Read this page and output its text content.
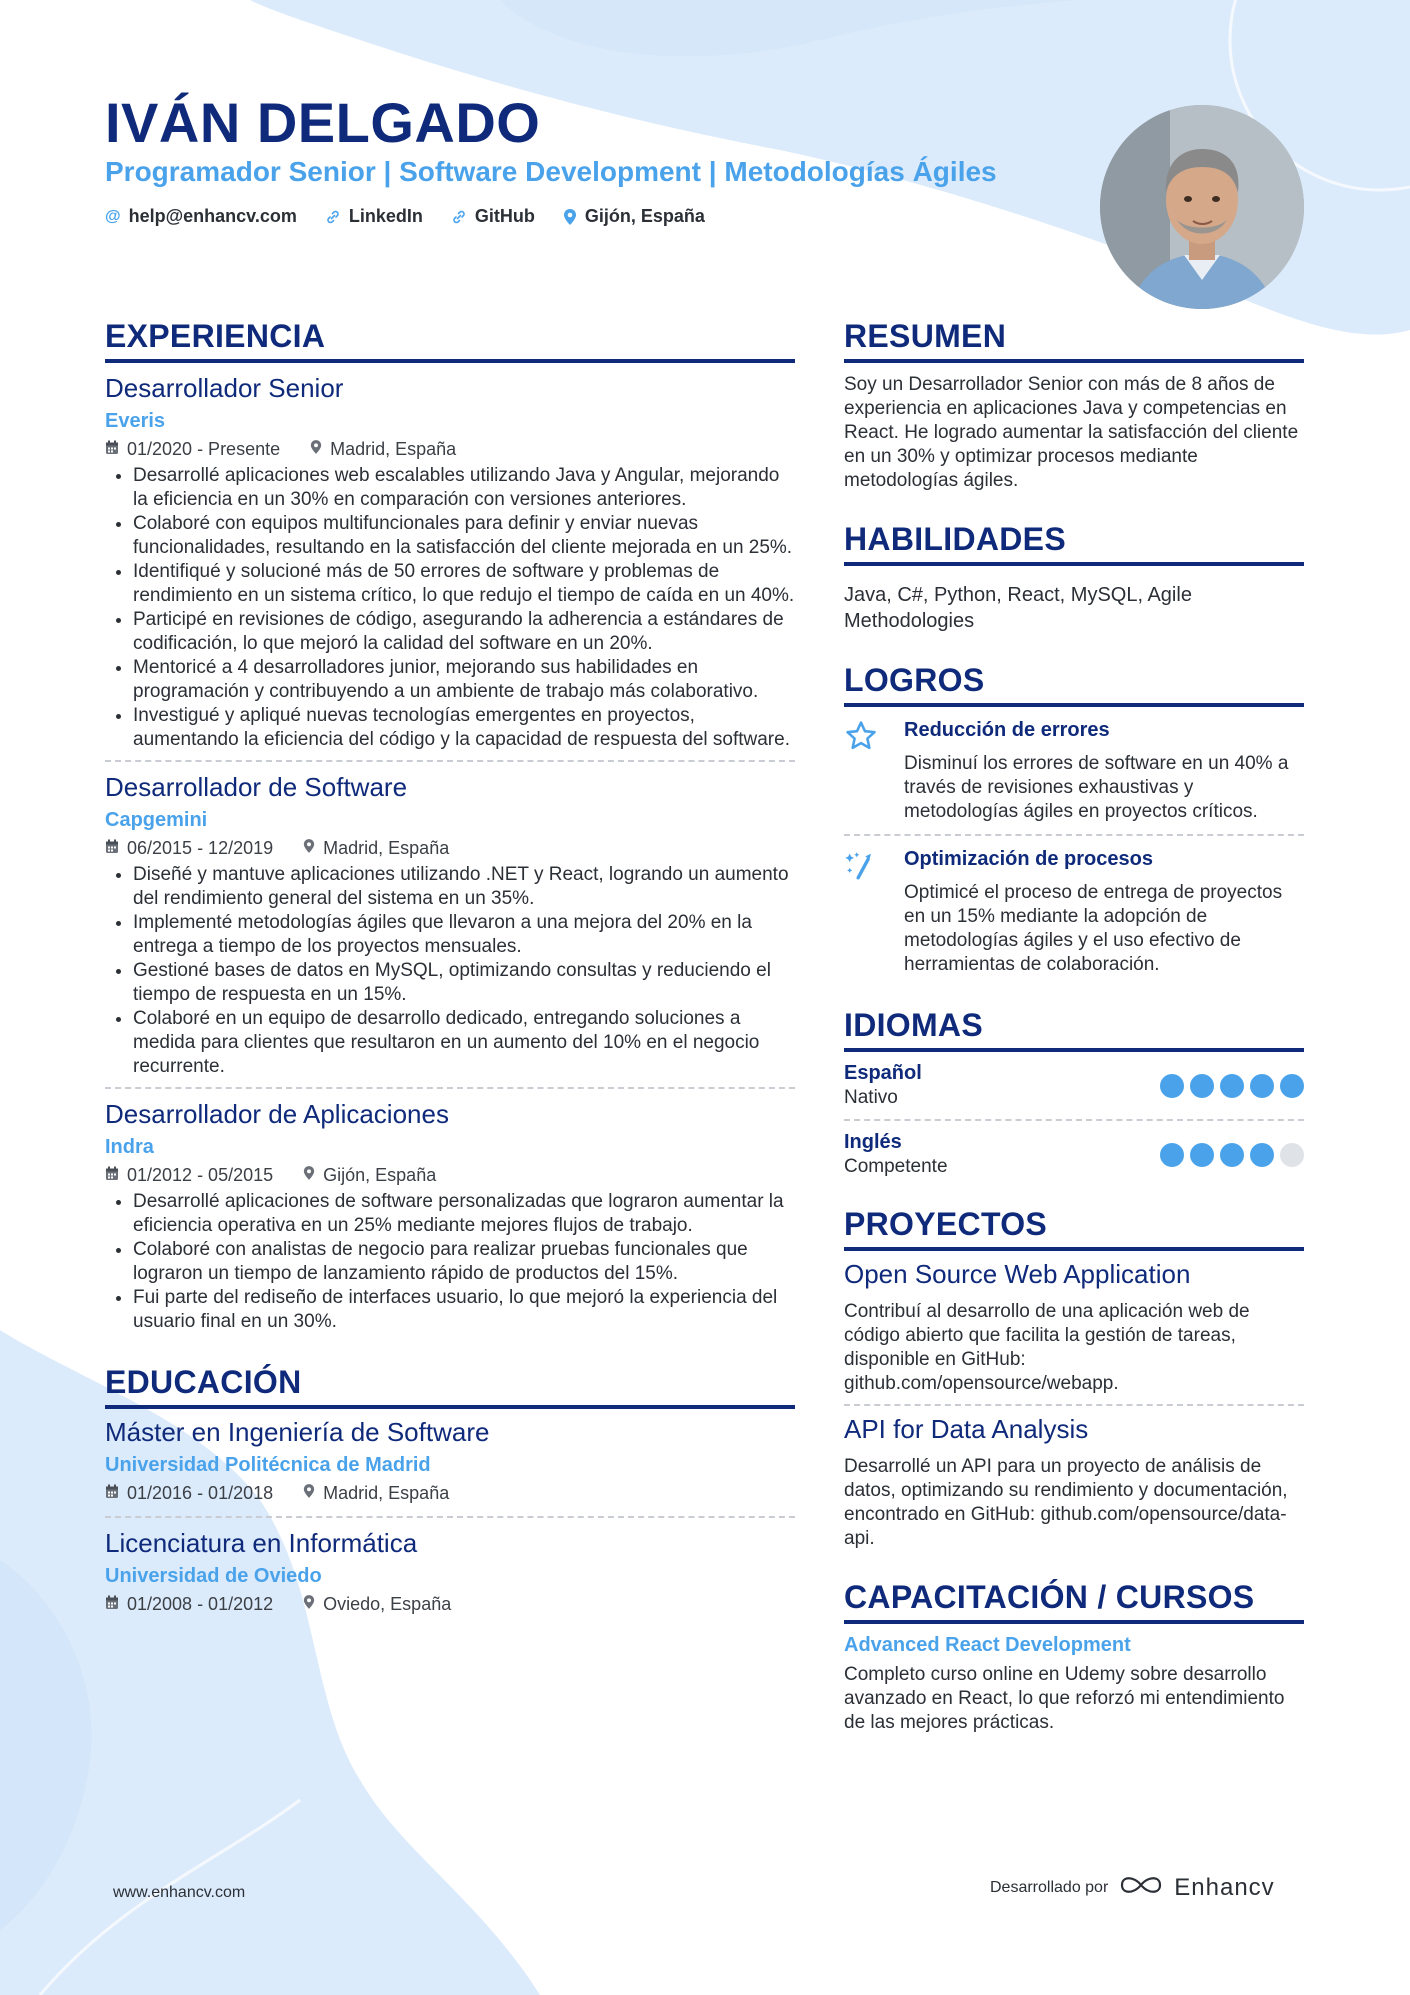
IVÁN DELGADO
Programador Senior | Software Development | Metodologías Ágiles
@ help@enhancv.com	LinkedIn	GitHub	Gijón, España
EXPERIENCIA
Desarrollador Senior
Everis
01/2020 - Presente	Madrid, España
• Desarrollé aplicaciones web escalables utilizando Java y Angular, mejorando la eficiencia en un 30% en comparación con versiones anteriores.
• Colaboré con equipos multifuncionales para definir y enviar nuevas funcionalidades, resultando en la satisfacción del cliente mejorada en un 25%.
• Identifiqué y solucioné más de 50 errores de software y problemas de rendimiento en un sistema crítico, lo que redujo el tiempo de caída en un 40%.
• Participé en revisiones de código, asegurando la adherencia a estándares de codificación, lo que mejoró la calidad del software en un 20%.
• Mentoricé a 4 desarrolladores junior, mejorando sus habilidades en programación y contribuyendo a un ambiente de trabajo más colaborativo.
• Investigué y apliqué nuevas tecnologías emergentes en proyectos, aumentando la eficiencia del código y la capacidad de respuesta del software.
Desarrollador de Software
Capgemini
06/2015 - 12/2019	Madrid, España
• Diseñé y mantuve aplicaciones utilizando .NET y React, logrando un aumento del rendimiento general del sistema en un 35%.
• Implementé metodologías ágiles que llevaron a una mejora del 20% en la entrega a tiempo de los proyectos mensuales.
• Gestioné bases de datos en MySQL, optimizando consultas y reduciendo el tiempo de respuesta en un 15%.
• Colaboré en un equipo de desarrollo dedicado, entregando soluciones a medida para clientes que resultaron en un aumento del 10% en el negocio recurrente.
Desarrollador de Aplicaciones
Indra
01/2012 - 05/2015	Gijón, España
• Desarrollé aplicaciones de software personalizadas que lograron aumentar la eficiencia operativa en un 25% mediante mejores flujos de trabajo.
• Colaboré con analistas de negocio para realizar pruebas funcionales que lograron un tiempo de lanzamiento rápido de productos del 15%.
• Fui parte del rediseño de interfaces usuario, lo que mejoró la experiencia del usuario final en un 30%.
EDUCACIÓN
Máster en Ingeniería de Software
Universidad Politécnica de Madrid
01/2016 - 01/2018	Madrid, España
Licenciatura en Informática
Universidad de Oviedo
01/2008 - 01/2012	Oviedo, España
RESUMEN
Soy un Desarrollador Senior con más de 8 años de experiencia en aplicaciones Java y competencias en React. He logrado aumentar la satisfacción del cliente en un 30% y optimizar procesos mediante metodologías ágiles.
HABILIDADES
Java, C#, Python, React, MySQL, Agile Methodologies
LOGROS
Reducción de errores
Disminuí los errores de software en un 40% a través de revisiones exhaustivas y metodologías ágiles en proyectos críticos.
Optimización de procesos
Optimicé el proceso de entrega de proyectos en un 15% mediante la adopción de metodologías ágiles y el uso efectivo de herramientas de colaboración.
IDIOMAS
Español
Nativo
Inglés
Competente
PROYECTOS
Open Source Web Application
Contribuí al desarrollo de una aplicación web de código abierto que facilita la gestión de tareas, disponible en GitHub: github.com/opensource/webapp.
API for Data Analysis
Desarrollé un API para un proyecto de análisis de datos, optimizando su rendimiento y documentación, encontrado en GitHub: github.com/opensource/data-api.
CAPACITACIÓN / CURSOS
Advanced React Development
Completo curso online en Udemy sobre desarrollo avanzado en React, lo que reforzó mi entendimiento de las mejores prácticas.
www.enhancv.com	Desarrollado por	Enhancv
